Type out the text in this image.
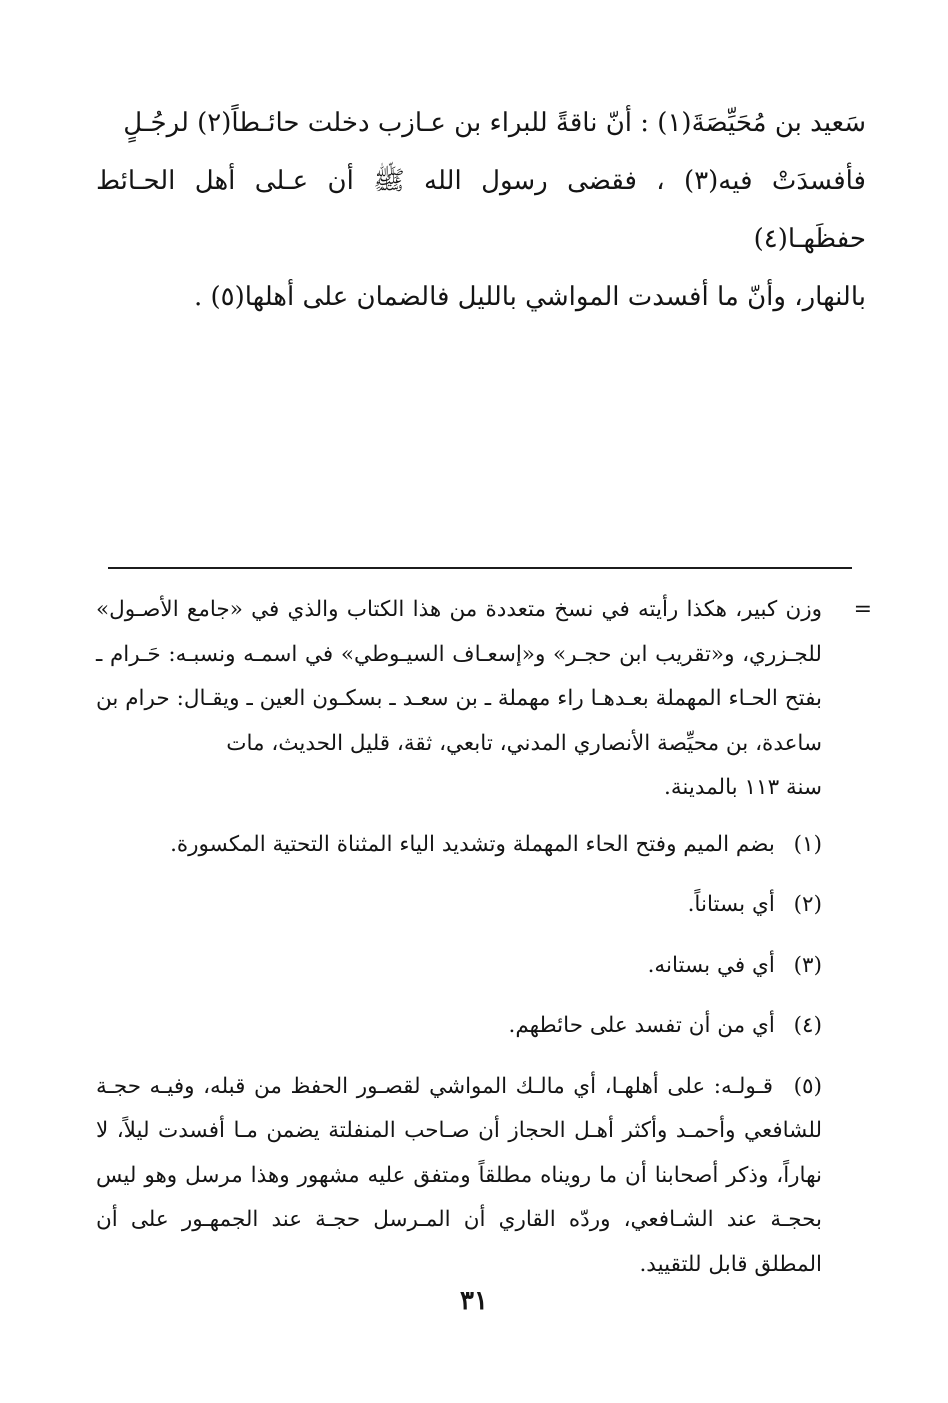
سَعيد بن مُحَيِّصَةَ(١) : أنّ ناقةً للبراء بن عـازب دخلت حائـطاً(٢) لرجُـلٍ

فأفسدَتْ فيه(٣) ، فقضى رسول الله ﷺ أن عـلى أهل الحـائط حفظَهـا(٤)

بالنهار، وأنّ ما أفسدت المواشي بالليل فالضمان على أهلها(٥) .

=
وزن كبير، هكذا رأيته في نسخ متعددة من هذا الكتاب والذي في «جامع الأصـول» للجـزري، و«تقريب ابن حجـر» و«إسعـاف السيـوطي» في اسمـه ونسبـه: حَـرام ـ بفتح الحـاء المهملة بعـدهـا راء مهملة ـ بن سعـد ـ بسكـون العين ـ ويقـال: حرام بن ساعدة، بن محيِّصة الأنصاري المدني، تابعي، ثقة، قليل الحديث، مات
سنة ١١٣ بالمدينة.

(١) بضم الميم وفتح الحاء المهملة وتشديد الياء المثناة التحتية المكسورة.

(٢) أي بستاناً.

(٣) أي في بستانه.

(٤) أي من أن تفسد على حائطهم.

(٥) قـولـه: على أهلهـا، أي مالـك المواشي لقصـور الحفظ من قبله، وفيـه حجـة للشافعي وأحمـد وأكثر أهـل الحجاز أن صـاحب المنفلتة يضمن مـا أفسدت ليلاً، لا نهاراً، وذكر أصحابنا أن ما رويناه مطلقاً ومتفق عليه مشهور وهذا مرسل وهو ليس بحجـة عند الشـافعي، وردّه القاري أن المـرسل حجـة عند الجمهـور على أن المطلق قابل للتقييد.

٣١
